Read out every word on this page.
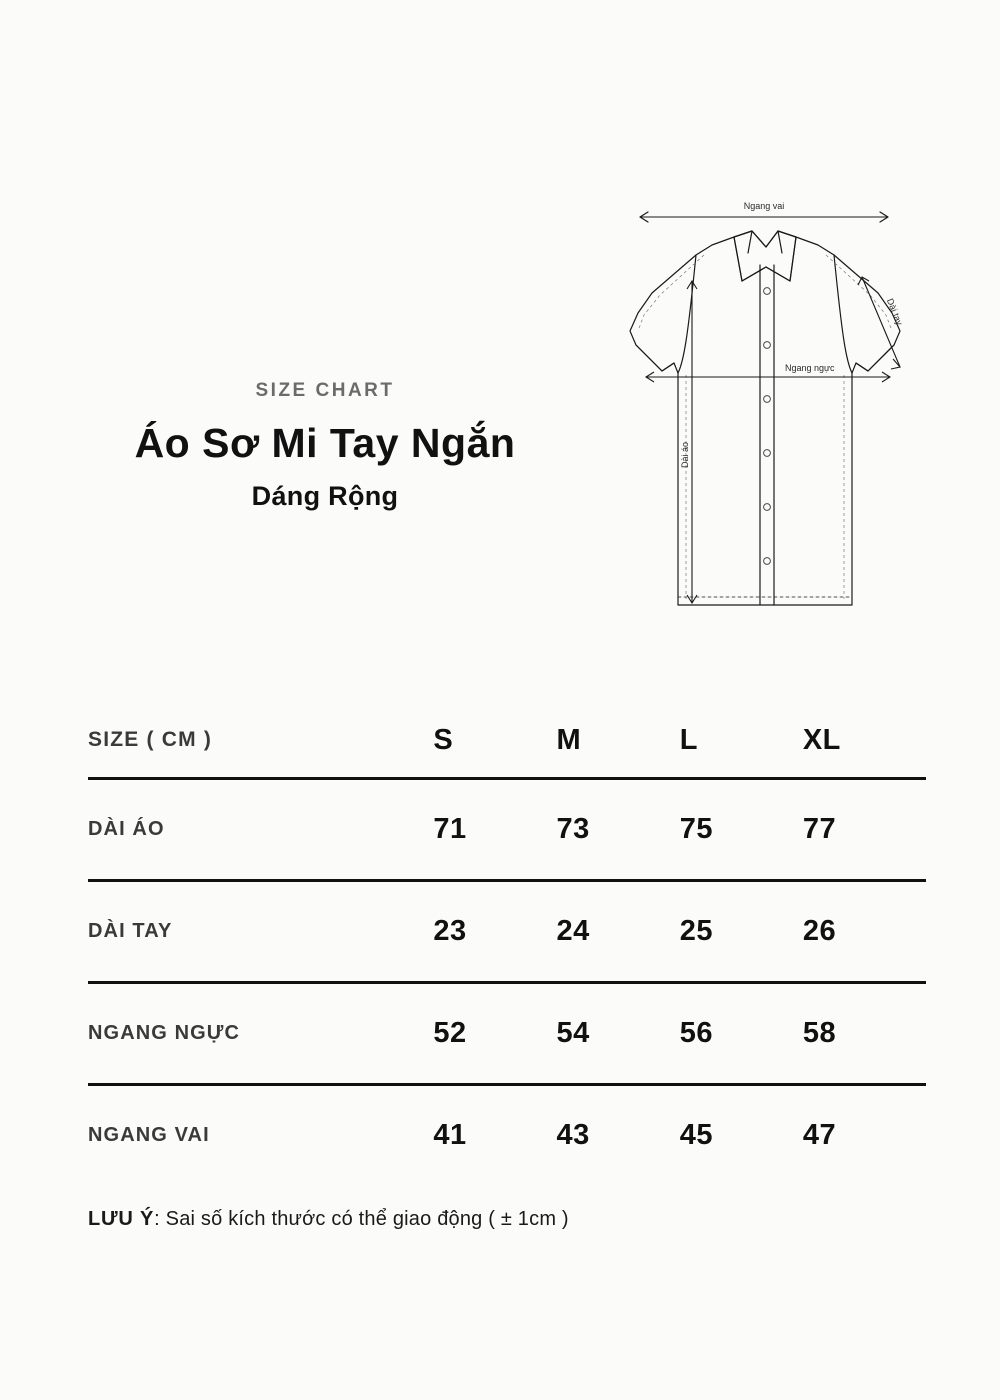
SIZE CHART
Áo Sơ Mi Tay Ngắn
Dáng Rộng
Ngang vai
Ngang ngực
Dài áo
Dài tay
SIZE ( CM )	S	M	L	XL
DÀI ÁO	71	73	75	77
DÀI TAY	23	24	25	26
NGANG NGỰC	52	54	56	58
NGANG VAI	41	43	45	47
LƯU Ý: Sai số kích thước có thể giao động ( ± 1cm )
